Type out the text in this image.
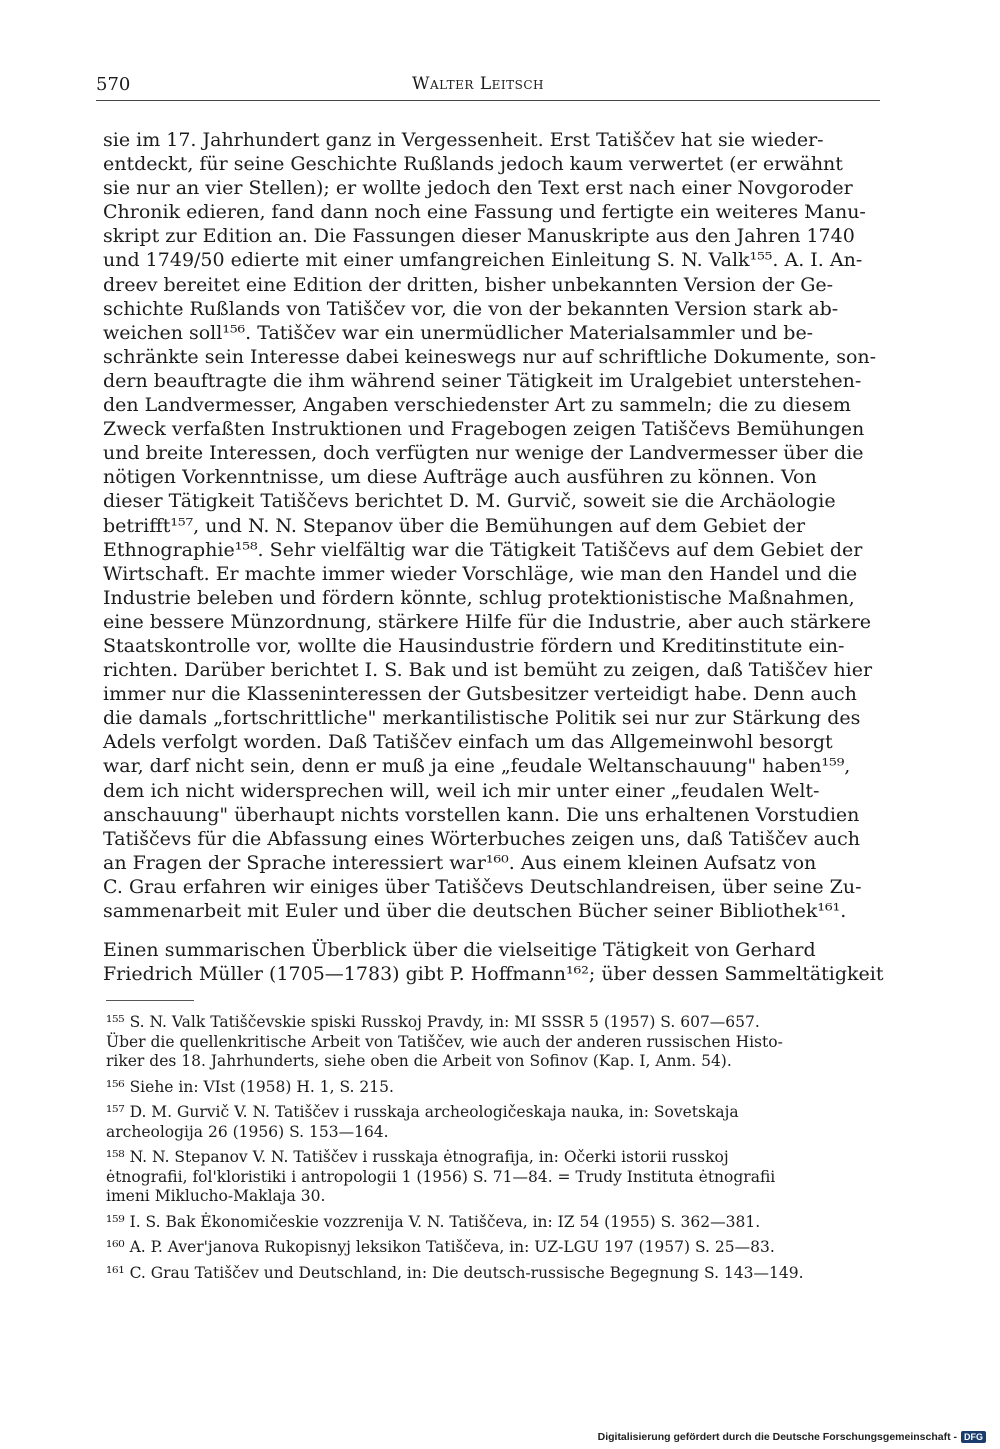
570	Walter Leitsch

sie im 17. Jahrhundert ganz in Vergessenheit. Erst Tatiščev hat sie wieder-
entdeckt, für seine Geschichte Rußlands jedoch kaum verwertet (er erwähnt
sie nur an vier Stellen); er wollte jedoch den Text erst nach einer Novgoroder
Chronik edieren, fand dann noch eine Fassung und fertigte ein weiteres Manu-
skript zur Edition an. Die Fassungen dieser Manuskripte aus den Jahren 1740
und 1749/50 edierte mit einer umfangreichen Einleitung S. N. Valk¹⁵⁵. A. I. An-
dreev bereitet eine Edition der dritten, bisher unbekannten Version der Ge-
schichte Rußlands von Tatiščev vor, die von der bekannten Version stark ab-
weichen soll¹⁵⁶. Tatiščev war ein unermüdlicher Materialsammler und be-
schränkte sein Interesse dabei keineswegs nur auf schriftliche Dokumente, son-
dern beauftragte die ihm während seiner Tätigkeit im Uralgebiet unterstehen-
den Landvermesser, Angaben verschiedenster Art zu sammeln; die zu diesem
Zweck verfaßten Instruktionen und Fragebogen zeigen Tatiščevs Bemühungen
und breite Interessen, doch verfügten nur wenige der Landvermesser über die
nötigen Vorkenntnisse, um diese Aufträge auch ausführen zu können. Von
dieser Tätigkeit Tatiščevs berichtet D. M. Gurvič, soweit sie die Archäologie
betrifft¹⁵⁷, und N. N. Stepanov über die Bemühungen auf dem Gebiet der
Ethnographie¹⁵⁸. Sehr vielfältig war die Tätigkeit Tatiščevs auf dem Gebiet der
Wirtschaft. Er machte immer wieder Vorschläge, wie man den Handel und die
Industrie beleben und fördern könnte, schlug protektionistische Maßnahmen,
eine bessere Münzordnung, stärkere Hilfe für die Industrie, aber auch stärkere
Staatskontrolle vor, wollte die Hausindustrie fördern und Kreditinstitute ein-
richten. Darüber berichtet I. S. Bak und ist bemüht zu zeigen, daß Tatiščev hier
immer nur die Klasseninteressen der Gutsbesitzer verteidigt habe. Denn auch
die damals „fortschrittliche" merkantilistische Politik sei nur zur Stärkung des
Adels verfolgt worden. Daß Tatiščev einfach um das Allgemeinwohl besorgt
war, darf nicht sein, denn er muß ja eine „feudale Weltanschauung" haben¹⁵⁹,
dem ich nicht widersprechen will, weil ich mir unter einer „feudalen Welt-
anschauung" überhaupt nichts vorstellen kann. Die uns erhaltenen Vorstudien
Tatiščevs für die Abfassung eines Wörterbuches zeigen uns, daß Tatiščev auch
an Fragen der Sprache interessiert war¹⁶⁰. Aus einem kleinen Aufsatz von
C. Grau erfahren wir einiges über Tatiščevs Deutschlandreisen, über seine Zu-
sammenarbeit mit Euler und über die deutschen Bücher seiner Bibliothek¹⁶¹.

Einen summarischen Überblick über die vielseitige Tätigkeit von Gerhard
Friedrich Müller (1705—1783) gibt P. Hoffmann¹⁶²; über dessen Sammeltätigkeit

¹⁵⁵ S. N. Valk Tatiščevskie spiski Russkoj Pravdy, in: MI SSSR 5 (1957) S. 607—657.
Über die quellenkritische Arbeit von Tatiščev, wie auch der anderen russischen Histo-
riker des 18. Jahrhunderts, siehe oben die Arbeit von Sofinov (Kap. I, Anm. 54).

¹⁵⁶ Siehe in: VIst (1958) H. 1, S. 215.

¹⁵⁷ D. M. Gurvič V. N. Tatiščev i russkaja archeologičeskaja nauka, in: Sovetskaja
archeologija 26 (1956) S. 153—164.

¹⁵⁸ N. N. Stepanov V. N. Tatiščev i russkaja ėtnografija, in: Očerki istorii russkoj
ėtnografii, fol'kloristiki i antropologii 1 (1956) S. 71—84. = Trudy Instituta ėtnografii
imeni Miklucho-Maklaja 30.

¹⁵⁹ I. S. Bak Ėkonomičeskie vozzrenija V. N. Tatiščeva, in: IZ 54 (1955) S. 362—381.

¹⁶⁰ A. P. Aver'janova Rukopisnyj leksikon Tatiščeva, in: UZ-LGU 197 (1957) S. 25—83.

¹⁶¹ C. Grau Tatiščev und Deutschland, in: Die deutsch-russische Begegnung S. 143—149.

Digitalisierung gefördert durch die Deutsche Forschungsgemeinschaft - DFG
